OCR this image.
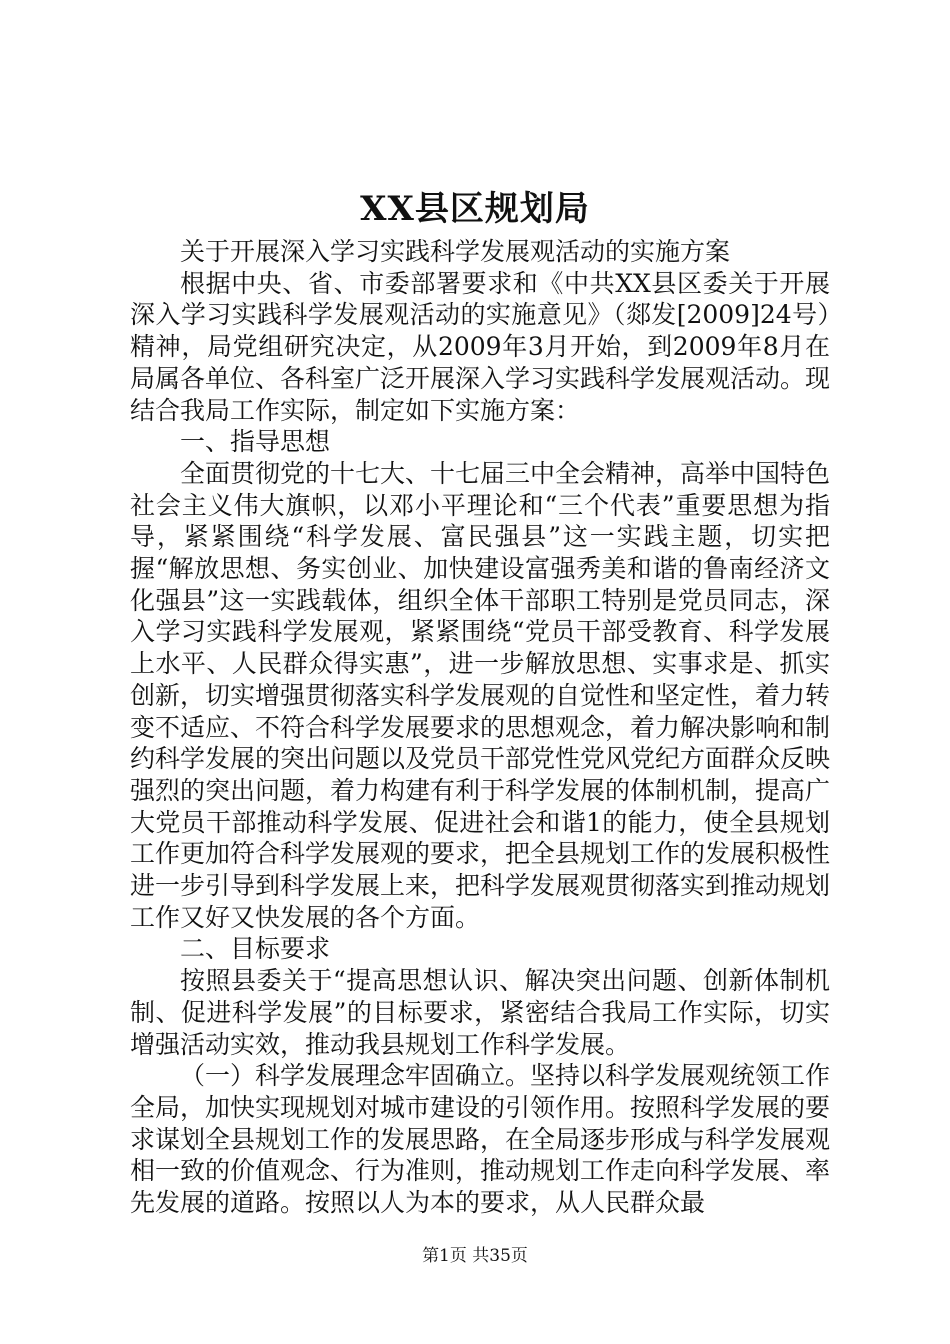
XX县区规划局

关于开展深入学习实践科学发展观活动的实施方案

根据中央、省、市委部署要求和《中共XX县区委关于开展深入学习实践科学发展观活动的实施意见》（郯发[2009]24号）精神，局党组研究决定，从2009年3月开始，到2009年8月在局属各单位、各科室广泛开展深入学习实践科学发展观活动。现结合我局工作实际，制定如下实施方案：

一、指导思想

全面贯彻党的十七大、十七届三中全会精神，高举中国特色社会主义伟大旗帜，以邓小平理论和“三个代表”重要思想为指导，紧紧围绕“科学发展、富民强县”这一实践主题，切实把握“解放思想、务实创业、加快建设富强秀美和谐的鲁南经济文化强县”这一实践载体，组织全体干部职工特别是党员同志，深入学习实践科学发展观，紧紧围绕“党员干部受教育、科学发展上水平、人民群众得实惠”，进一步解放思想、实事求是、抓实创新，切实增强贯彻落实科学发展观的自觉性和坚定性，着力转变不适应、不符合科学发展要求的思想观念，着力解决影响和制约科学发展的突出问题以及党员干部党性党风党纪方面群众反映强烈的突出问题，着力构建有利于科学发展的体制机制，提高广大党员干部推动科学发展、促进社会和谐1的能力，使全县规划工作更加符合科学发展观的要求，把全县规划工作的发展积极性进一步引导到科学发展上来，把科学发展观贯彻落实到推动规划工作又好又快发展的各个方面。

二、目标要求

按照县委关于“提高思想认识、解决突出问题、创新体制机制、促进科学发展”的目标要求，紧密结合我局工作实际，切实增强活动实效，推动我县规划工作科学发展。

（一）科学发展理念牢固确立。坚持以科学发展观统领工作全局，加快实现规划对城市建设的引领作用。按照科学发展的要求谋划全县规划工作的发展思路，在全局逐步形成与科学发展观相一致的价值观念、行为准则，推动规划工作走向科学发展、率先发展的道路。按照以人为本的要求，从人民群众最

第1页 共35页
